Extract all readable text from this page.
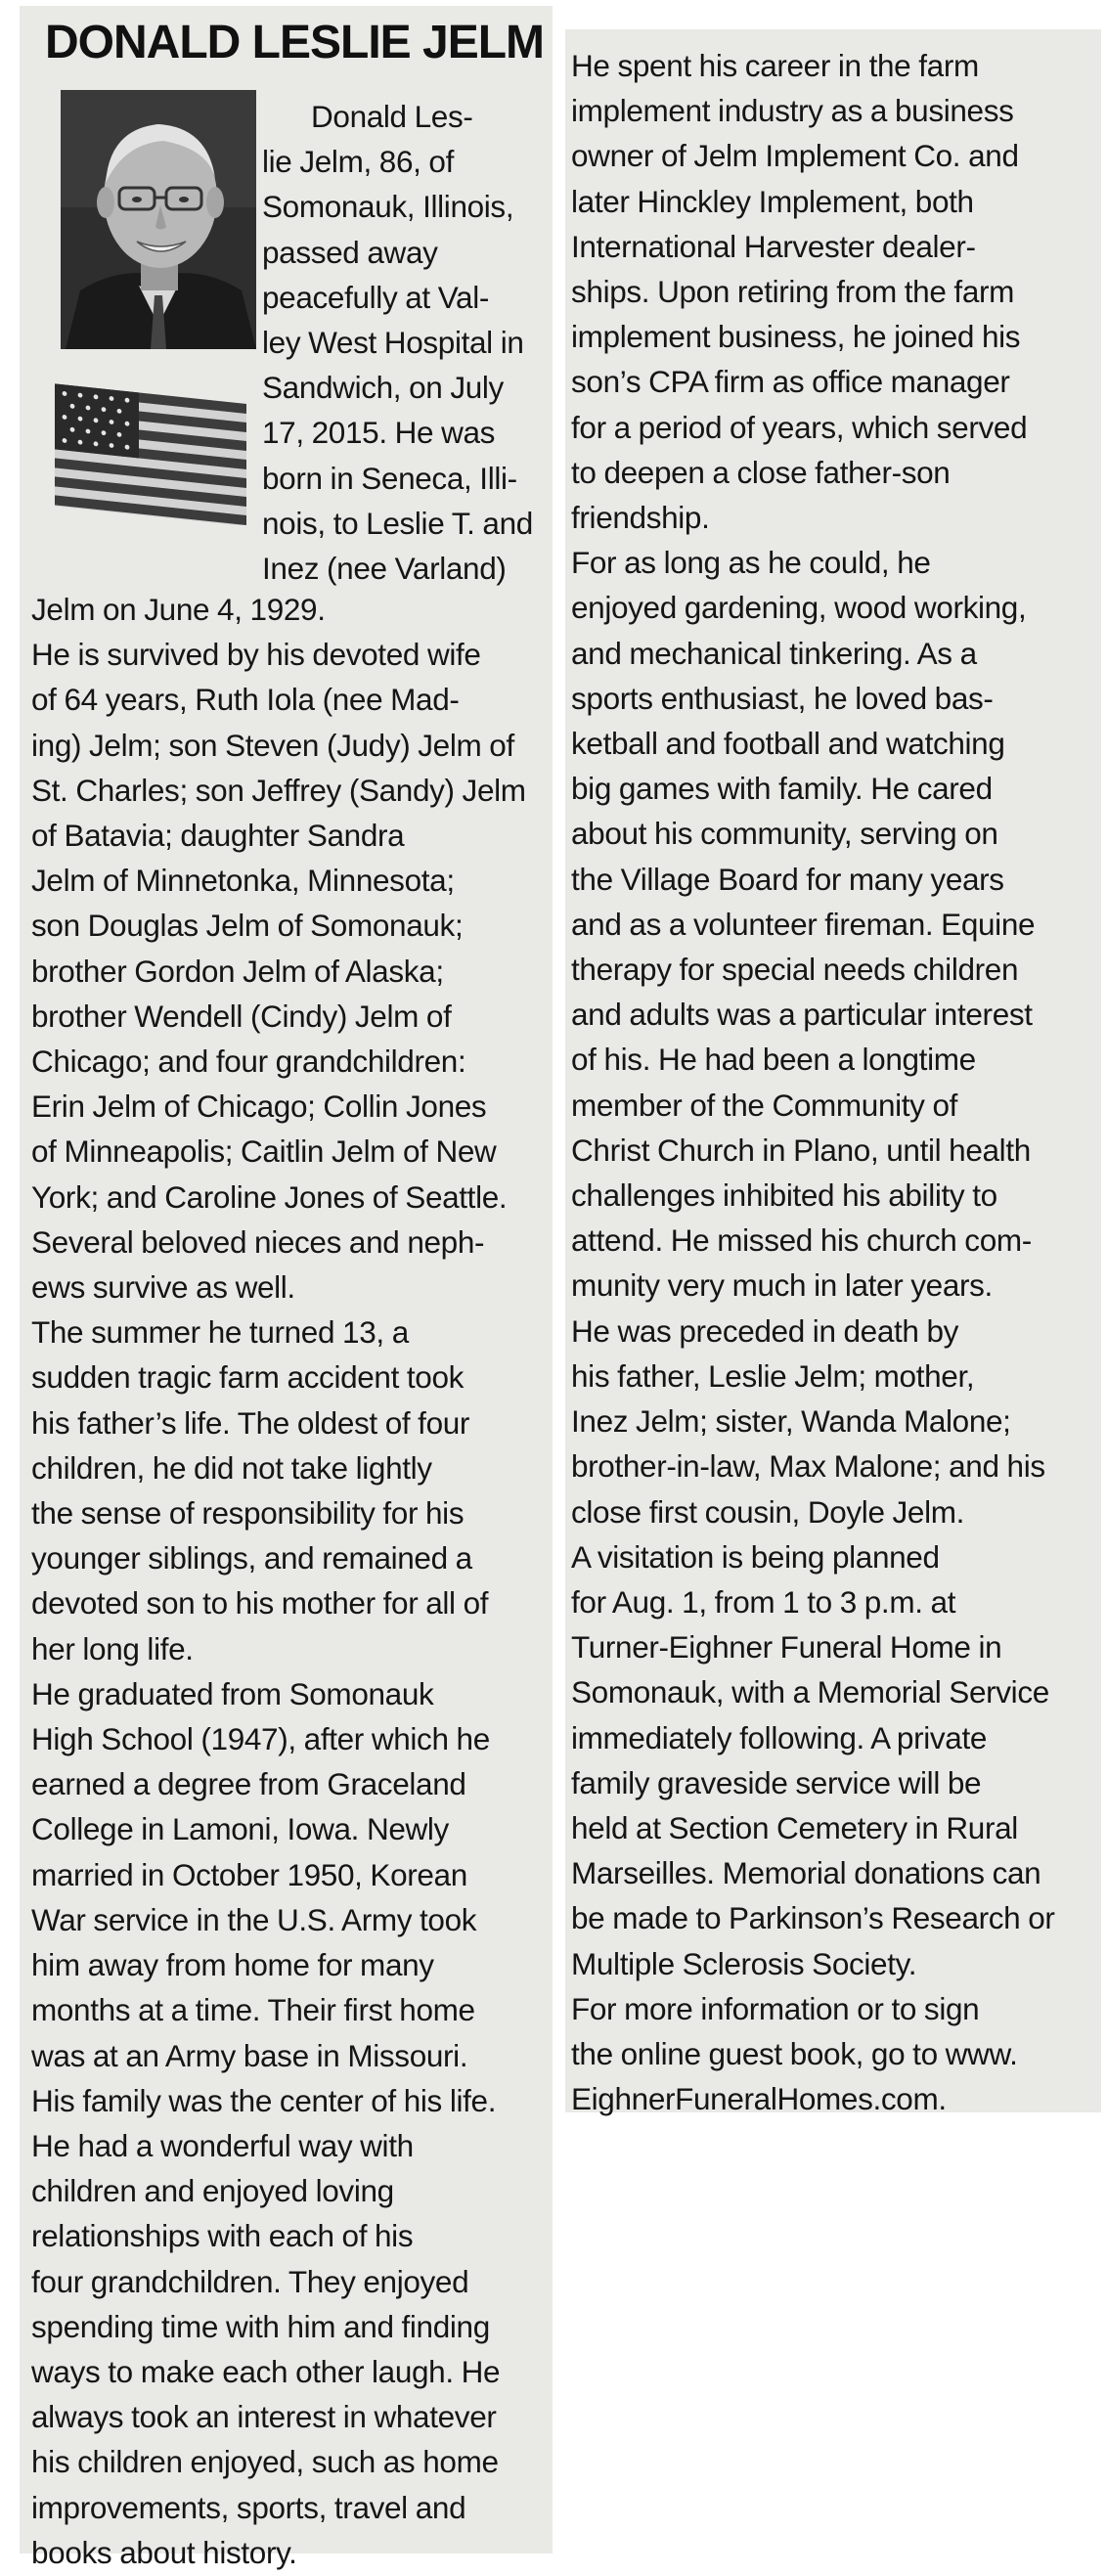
DONALD LESLIE JELM

Donald Les-
lie Jelm, 86, of
Somonauk, Illinois,
passed away
peacefully at Val-
ley West Hospital in
Sandwich, on July
17, 2015. He was
born in Seneca, Illi-
nois, to Leslie T. and
Inez (nee Varland)

Jelm on June 4, 1929.

He is survived by his devoted wife
of 64 years, Ruth Iola (nee Mad-
ing) Jelm; son Steven (Judy) Jelm of
St. Charles; son Jeffrey (Sandy) Jelm
of Batavia; daughter Sandra
Jelm of Minnetonka, Minnesota;
son Douglas Jelm of Somonauk;
brother Gordon Jelm of Alaska;
brother Wendell (Cindy) Jelm of
Chicago; and four grandchildren:
Erin Jelm of Chicago; Collin Jones
of Minneapolis; Caitlin Jelm of New
York; and Caroline Jones of Seattle.
Several beloved nieces and neph-
ews survive as well.

The summer he turned 13, a
sudden tragic farm accident took
his father’s life. The oldest of four
children, he did not take lightly
the sense of responsibility for his
younger siblings, and remained a
devoted son to his mother for all of
her long life.

He graduated from Somonauk
High School (1947), after which he
earned a degree from Graceland
College in Lamoni, Iowa. Newly
married in October 1950, Korean
War service in the U.S. Army took
him away from home for many
months at a time. Their first home
was at an Army base in Missouri.
His family was the center of his life.

He had a wonderful way with
children and enjoyed loving
relationships with each of his
four grandchildren. They enjoyed
spending time with him and finding
ways to make each other laugh. He
always took an interest in whatever
his children enjoyed, such as home
improvements, sports, travel and
books about history.

He spent his career in the farm
implement industry as a business
owner of Jelm Implement Co. and
later Hinckley Implement, both
International Harvester dealer-
ships. Upon retiring from the farm
implement business, he joined his
son’s CPA firm as office manager
for a period of years, which served
to deepen a close father-son
friendship.

For as long as he could, he
enjoyed gardening, wood working,
and mechanical tinkering. As a
sports enthusiast, he loved bas-
ketball and football and watching
big games with family. He cared
about his community, serving on
the Village Board for many years
and as a volunteer fireman. Equine
therapy for special needs children
and adults was a particular interest
of his. He had been a longtime
member of the Community of
Christ Church in Plano, until health
challenges inhibited his ability to
attend. He missed his church com-
munity very much in later years.

He was preceded in death by
his father, Leslie Jelm; mother,
Inez Jelm; sister, Wanda Malone;
brother-in-law, Max Malone; and his
close first cousin, Doyle Jelm.

A visitation is being planned
for Aug. 1, from 1 to 3 p.m. at
Turner-Eighner Funeral Home in
Somonauk, with a Memorial Service
immediately following. A private
family graveside service will be
held at Section Cemetery in Rural
Marseilles. Memorial donations can
be made to Parkinson’s Research or
Multiple Sclerosis Society.

For more information or to sign
the online guest book, go to www.
EighnerFuneralHomes.com.
